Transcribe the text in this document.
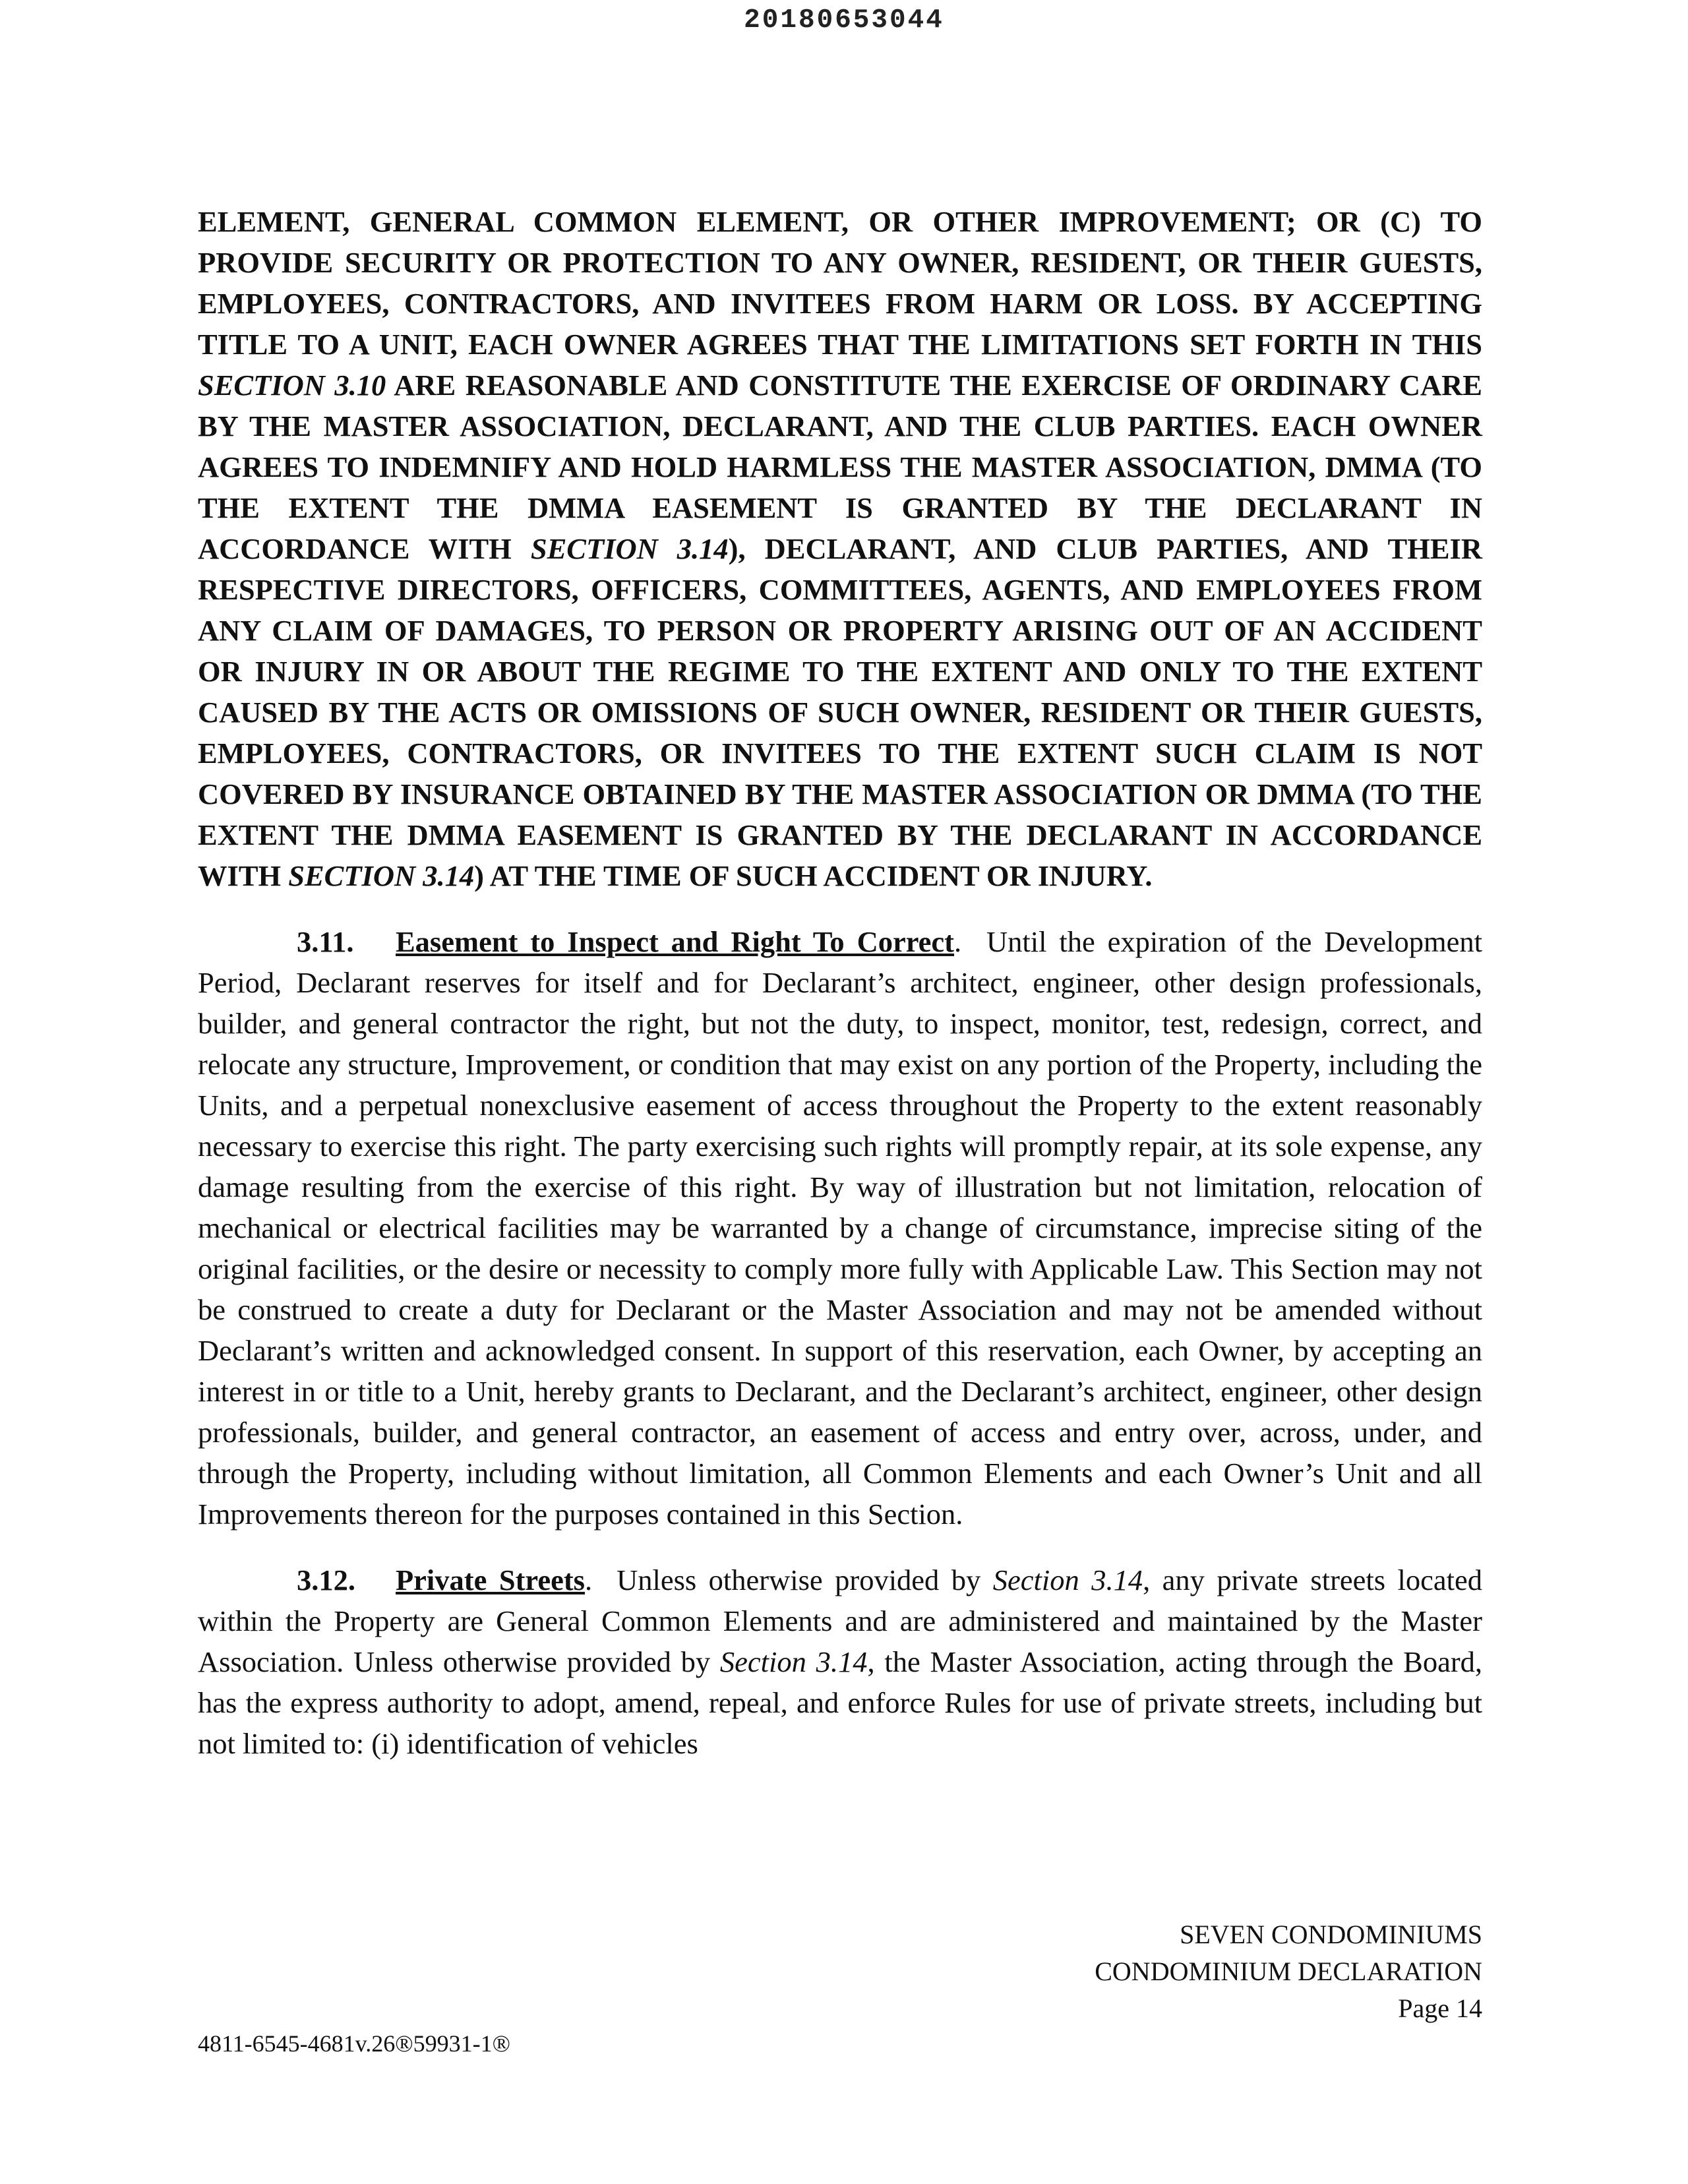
20180653044

ELEMENT, GENERAL COMMON ELEMENT, OR OTHER IMPROVEMENT; OR (C) TO PROVIDE SECURITY OR PROTECTION TO ANY OWNER, RESIDENT, OR THEIR GUESTS, EMPLOYEES, CONTRACTORS, AND INVITEES FROM HARM OR LOSS. BY ACCEPTING TITLE TO A UNIT, EACH OWNER AGREES THAT THE LIMITATIONS SET FORTH IN THIS SECTION 3.10 ARE REASONABLE AND CONSTITUTE THE EXERCISE OF ORDINARY CARE BY THE MASTER ASSOCIATION, DECLARANT, AND THE CLUB PARTIES. EACH OWNER AGREES TO INDEMNIFY AND HOLD HARMLESS THE MASTER ASSOCIATION, DMMA (TO THE EXTENT THE DMMA EASEMENT IS GRANTED BY THE DECLARANT IN ACCORDANCE WITH SECTION 3.14), DECLARANT, AND CLUB PARTIES, AND THEIR RESPECTIVE DIRECTORS, OFFICERS, COMMITTEES, AGENTS, AND EMPLOYEES FROM ANY CLAIM OF DAMAGES, TO PERSON OR PROPERTY ARISING OUT OF AN ACCIDENT OR INJURY IN OR ABOUT THE REGIME TO THE EXTENT AND ONLY TO THE EXTENT CAUSED BY THE ACTS OR OMISSIONS OF SUCH OWNER, RESIDENT OR THEIR GUESTS, EMPLOYEES, CONTRACTORS, OR INVITEES TO THE EXTENT SUCH CLAIM IS NOT COVERED BY INSURANCE OBTAINED BY THE MASTER ASSOCIATION OR DMMA (TO THE EXTENT THE DMMA EASEMENT IS GRANTED BY THE DECLARANT IN ACCORDANCE WITH SECTION 3.14) AT THE TIME OF SUCH ACCIDENT OR INJURY.

3.11. Easement to Inspect and Right To Correct. Until the expiration of the Development Period, Declarant reserves for itself and for Declarant’s architect, engineer, other design professionals, builder, and general contractor the right, but not the duty, to inspect, monitor, test, redesign, correct, and relocate any structure, Improvement, or condition that may exist on any portion of the Property, including the Units, and a perpetual nonexclusive easement of access throughout the Property to the extent reasonably necessary to exercise this right. The party exercising such rights will promptly repair, at its sole expense, any damage resulting from the exercise of this right. By way of illustration but not limitation, relocation of mechanical or electrical facilities may be warranted by a change of circumstance, imprecise siting of the original facilities, or the desire or necessity to comply more fully with Applicable Law. This Section may not be construed to create a duty for Declarant or the Master Association and may not be amended without Declarant’s written and acknowledged consent. In support of this reservation, each Owner, by accepting an interest in or title to a Unit, hereby grants to Declarant, and the Declarant’s architect, engineer, other design professionals, builder, and general contractor, an easement of access and entry over, across, under, and through the Property, including without limitation, all Common Elements and each Owner’s Unit and all Improvements thereon for the purposes contained in this Section.

3.12. Private Streets. Unless otherwise provided by Section 3.14, any private streets located within the Property are General Common Elements and are administered and maintained by the Master Association. Unless otherwise provided by Section 3.14, the Master Association, acting through the Board, has the express authority to adopt, amend, repeal, and enforce Rules for use of private streets, including but not limited to: (i) identification of vehicles

SEVEN CONDOMINIUMS
CONDOMINIUM DECLARATION
Page 14
4811-6545-4681v.26®59931-1®
